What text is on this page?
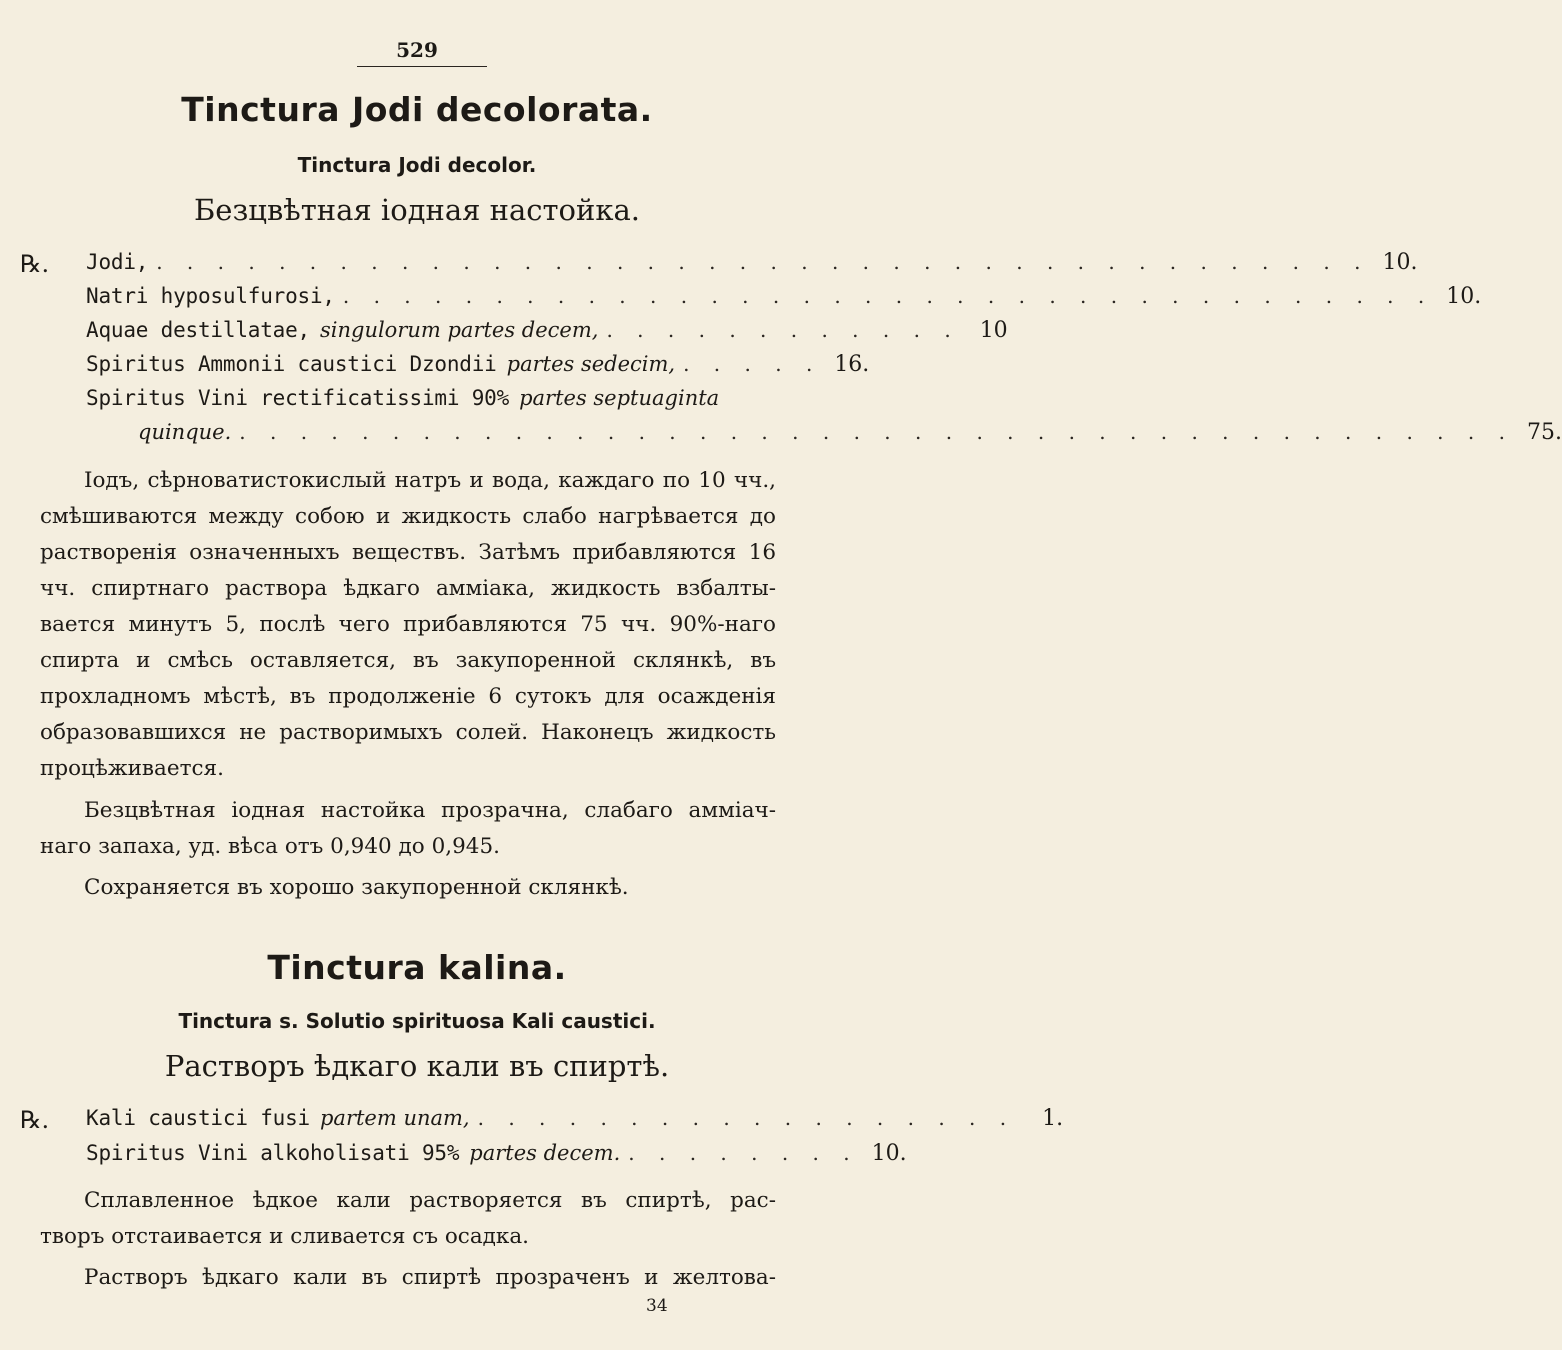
529
Tinctura Jodi decolorata.
Tinctura Jodi decolor.
Безцвѣтная іодная настойка.
℞. Jodi, . . . . . . . . . . . . . . . . . . . . . . . . . . . . . . . . . . . . . . . . 10.
Natri hyposulfurosi, . . . . . . . . . . . . . . . . . . . . . . . . . . . . . . . . . . . . 10.
Aquae destillatae, singulorum partes decem, . . . . . . . . . . . . 10
Spiritus Ammonii caustici Dzondii partes sedecim, . . . . . 16.
Spiritus Vini rectificatissimi 90% partes septuaginta
quinque. . . . . . . . . . . . . . . . . . . . . . . . . . . . . . . . . . . . . . . . . . . 75.
Іодъ, сѣрноватистокислый натръ и вода, каждаго по 10 чч.,
смѣшиваются между собою и жидкость слабо нагрѣвается до
растворенія означенныхъ веществъ. Затѣмъ прибавляются 16
чч. спиртнаго раствора ѣдкаго амміака, жидкость взбалты-
вается минутъ 5, послѣ чего прибавляются 75 чч. 90%-наго
спирта и смѣсь оставляется, въ закупоренной склянкѣ, въ
прохладномъ мѣстѣ, въ продолженіе 6 сутокъ для осажденія
образовавшихся не растворимыхъ солей. Наконецъ жидкость
процѣживается.
Безцвѣтная іодная настойка прозрачна, слабаго амміач-
наго запаха, уд. вѣса отъ 0,940 до 0,945.
Сохраняется въ хорошо закупоренной склянкѣ.
Tinctura kalina.
Tinctura s. Solutio spirituosa Kali caustici.
Растворъ ѣдкаго кали въ спиртѣ.
℞. Kali caustici fusi partem unam, . . . . . . . . . . . . . . . . . .	1.
Spiritus Vini alkoholisati 95% partes decem. . . . . . . . . 10.
Сплавленное ѣдкое кали растворяется въ спиртѣ, рас-
творъ отстаивается и сливается съ осадка.
Растворъ ѣдкаго кали въ спиртѣ прозраченъ и желтова-
34
